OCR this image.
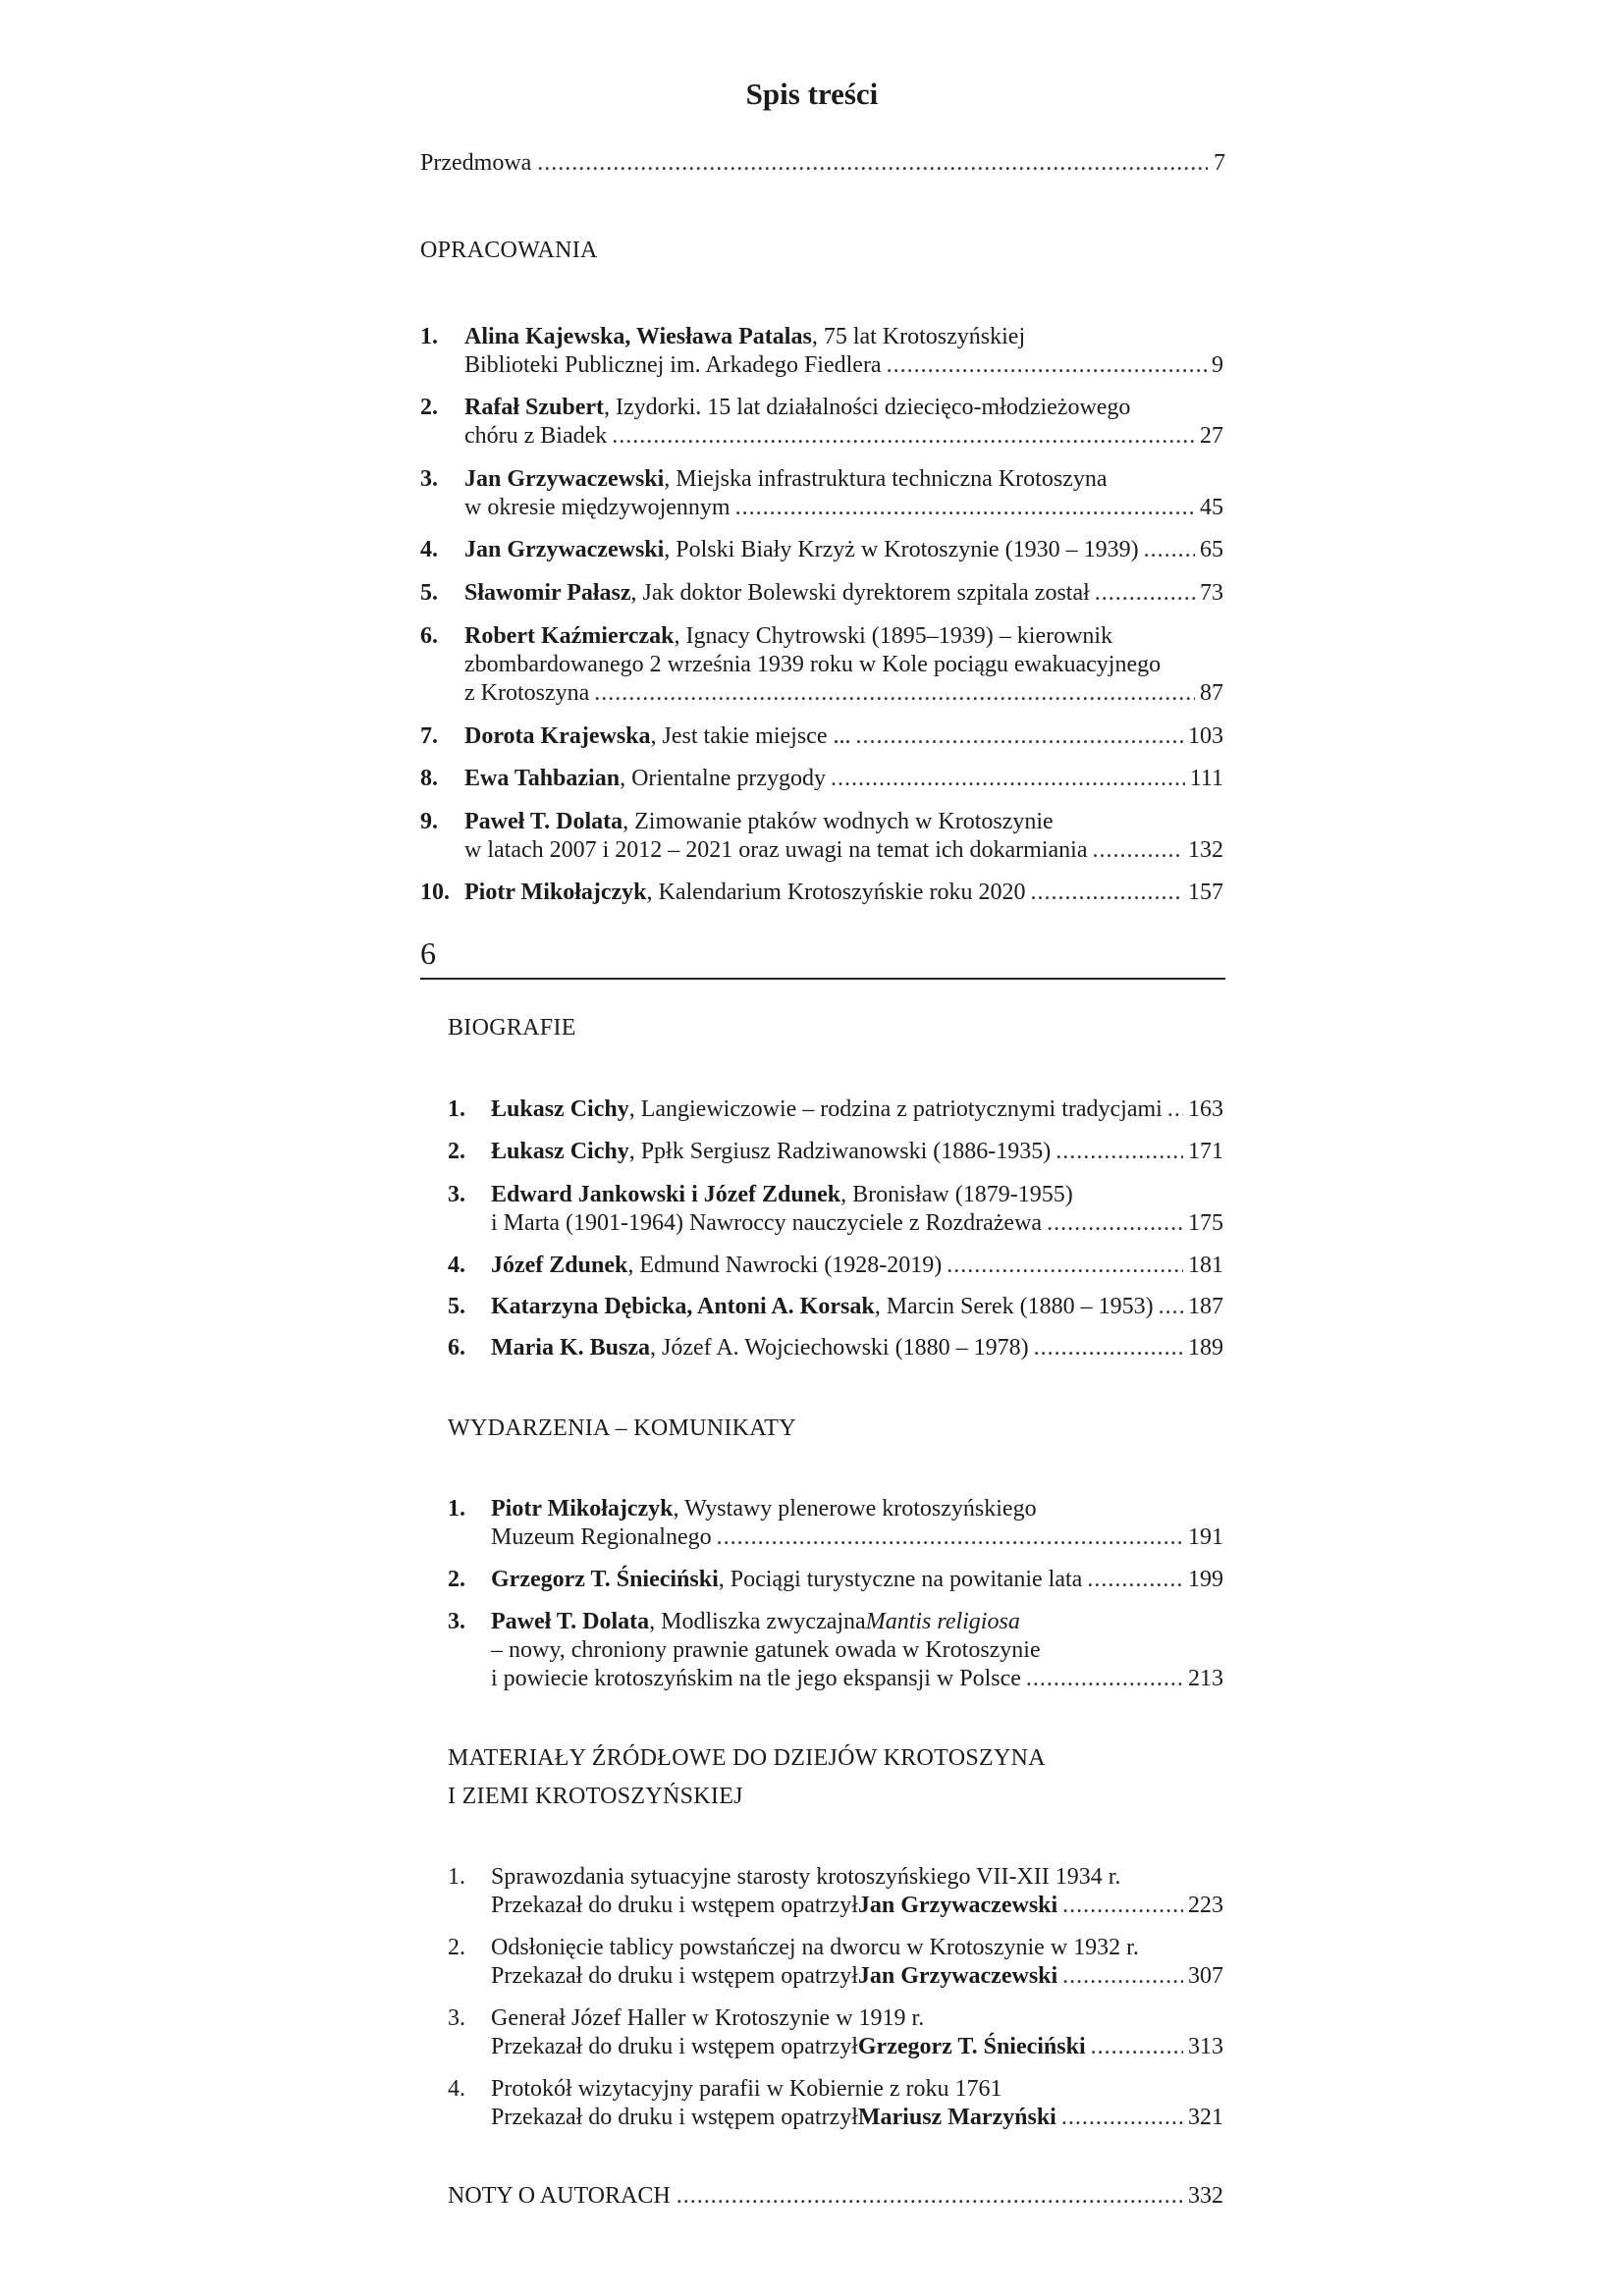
Spis treści
Przedmowa .....	7
OPRACOWANIA
1. Alina Kajewska, Wiesława Patalas , 75 lat Krotoszyńskiej
Biblioteki Publicznej im. Arkadego Fiedlera .....	9
2. Rafał Szubert , Izydorki. 15 lat działalności dziecięco-młodzieżowego
chóru z Biadek .....	27
3. Jan Grzywaczewski , Miejska infrastruktura techniczna Krotoszyna
w okresie międzywojennym .....	45
4. Jan Grzywaczewski , Polski Biały Krzyż w Krotoszynie (1930 – 1939) .....	65
5. Sławomir Pałasz , Jak doktor Bolewski dyrektorem szpitala został .....	73
6. Robert Kaźmierczak , Ignacy Chytrowski (1895–1939) – kierownik
zbombardowanego 2 września 1939 roku w Kole pociągu ewakuacyjnego
z Krotoszyna .....	87
7. Dorota Krajewska , Jest takie miejsce ... .....	103
8. Ewa Tahbazian , Orientalne przygody .....	111
9. Paweł T. Dolata , Zimowanie ptaków wodnych w Krotoszynie
w latach 2007 i 2012 – 2021 oraz uwagi na temat ich dokarmiania .....	132
10. Piotr Mikołajczyk , Kalendarium Krotoszyńskie roku 2020 .....	157
6
BIOGRAFIE
1. Łukasz Cichy , Langiewiczowie – rodzina z patriotycznymi tradycjami ..... 163
2. Łukasz Cichy , Ppłk Sergiusz Radziwanowski (1886-1935) .....	171
3. Edward Jankowski i Józef Zdunek , Bronisław (1879-1955)
i Marta (1901-1964) Nawroccy nauczyciele z Rozdrażewa .....	175
4. Józef Zdunek , Edmund Nawrocki (1928-2019) .....	181
5. Katarzyna Dębicka, Antoni A. Korsak , Marcin Serek (1880 – 1953) ..... 187
6. Maria K. Busza , Józef A. Wojciechowski (1880 – 1978) .....	189
WYDARZENIA – KOMUNIKATY
1. Piotr Mikołajczyk , Wystawy plenerowe krotoszyńskiego
Muzeum Regionalnego .....	191
2. Grzegorz T. Śnieciński , Pociągi turystyczne na powitanie lata .....	199
3. Paweł T. Dolata , Modliszka zwyczajna Mantis religiosa
– nowy, chroniony prawnie gatunek owada w Krotoszynie
i powiecie krotoszyńskim na tle jego ekspansji w Polsce .....	213
MATERIAŁY ŹRÓDŁOWE DO DZIEJÓW KROTOSZYNA
I ZIEMI KROTOSZYŃSKIEJ
1. Sprawozdania sytuacyjne starosty krotoszyńskiego VII-XII 1934 r.
Przekazał do druku i wstępem opatrzył Jan Grzywaczewski .....	223
2. Odsłonięcie tablicy powstańczej na dworcu w Krotoszynie w 1932 r.
Przekazał do druku i wstępem opatrzył Jan Grzywaczewski .....	307
3. Generał Józef Haller w Krotoszynie w 1919 r.
Przekazał do druku i wstępem opatrzył Grzegorz T. Śnieciński .....	313
4. Protokół wizytacyjny parafii w Kobiernie z roku 1761
Przekazał do druku i wstępem opatrzył Mariusz Marzyński .....	321
NOTY O AUTORACH .....	332
